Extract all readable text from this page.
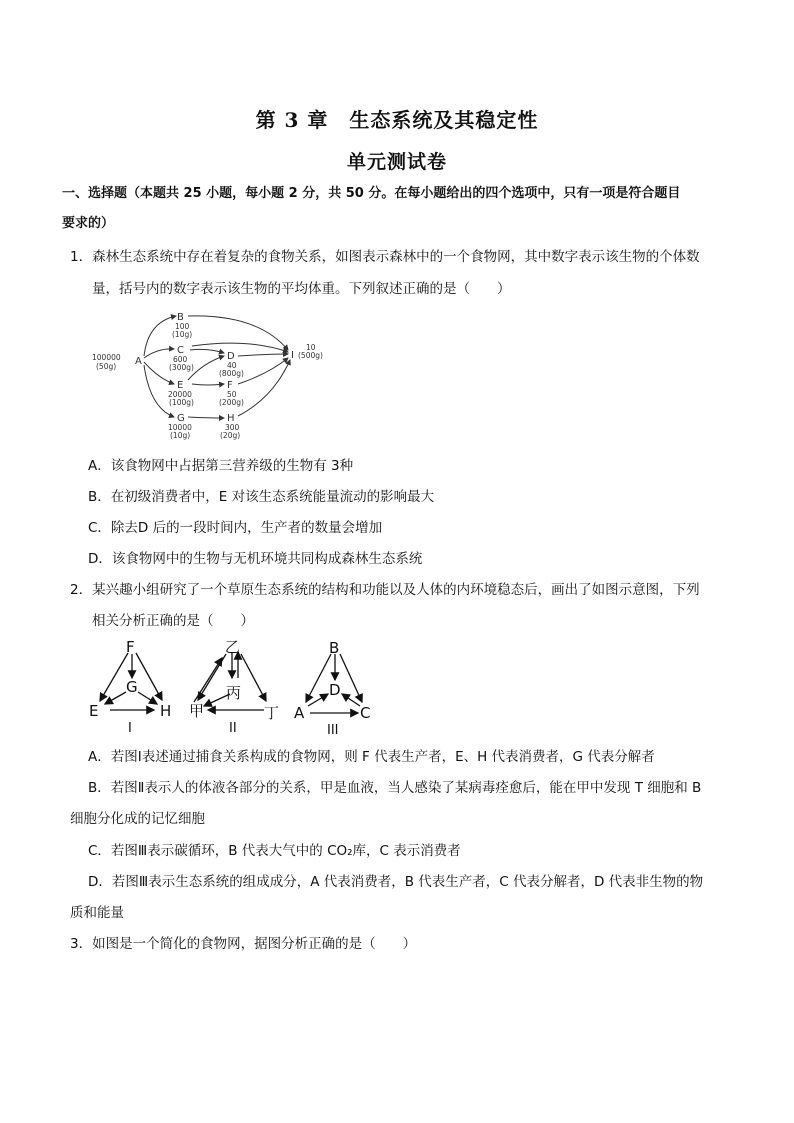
第 3 章　生态系统及其稳定性
单元测试卷
一、选择题（本题共 25 小题，每小题 2 分，共 50 分。在每小题给出的四个选项中，只有一项是符合题目
要求的）
1．森林生态系统中存在着复杂的食物关系，如图表示森林中的一个食物网，其中数字表示该生物的个体数
量，括号内的数字表示该生物的平均体重。下列叙述正确的是（　　）
100000
(50g) A
B
100
(10g)
C
600
(300g)
D
40
(800g)
E
20000
(100g)
F
50
(200g)
G
10000
(10g)
H
300
(20g)
I
10
(500g)
A．该食物网中占据第三营养级的生物有 3种
B．在初级消费者中，E 对该生态系统能量流动的影响最大
C．除去D 后的一段时间内，生产者的数量会增加
D．该食物网中的生物与无机环境共同构成森林生态系统
2．某兴趣小组研究了一个草原生态系统的结构和功能以及人体的内环境稳态后，画出了如图示意图，下列
相关分析正确的是（　　）
F
G
E	H
I
乙
丙
甲	丁
II
B
D
A	C
III
A．若图Ⅰ表述通过捕食关系构成的食物网，则 F 代表生产者，E、H 代表消费者，G 代表分解者
B．若图Ⅱ表示人的体液各部分的关系，甲是血液，当人感染了某病毒痊愈后，能在甲中发现 T 细胞和 B
细胞分化成的记忆细胞
C．若图Ⅲ表示碳循环，B 代表大气中的 CO₂库，C 表示消费者
D．若图Ⅲ表示生态系统的组成成分，A 代表消费者，B 代表生产者，C 代表分解者，D 代表非生物的物
质和能量
3．如图是一个简化的食物网，据图分析正确的是（　　）
